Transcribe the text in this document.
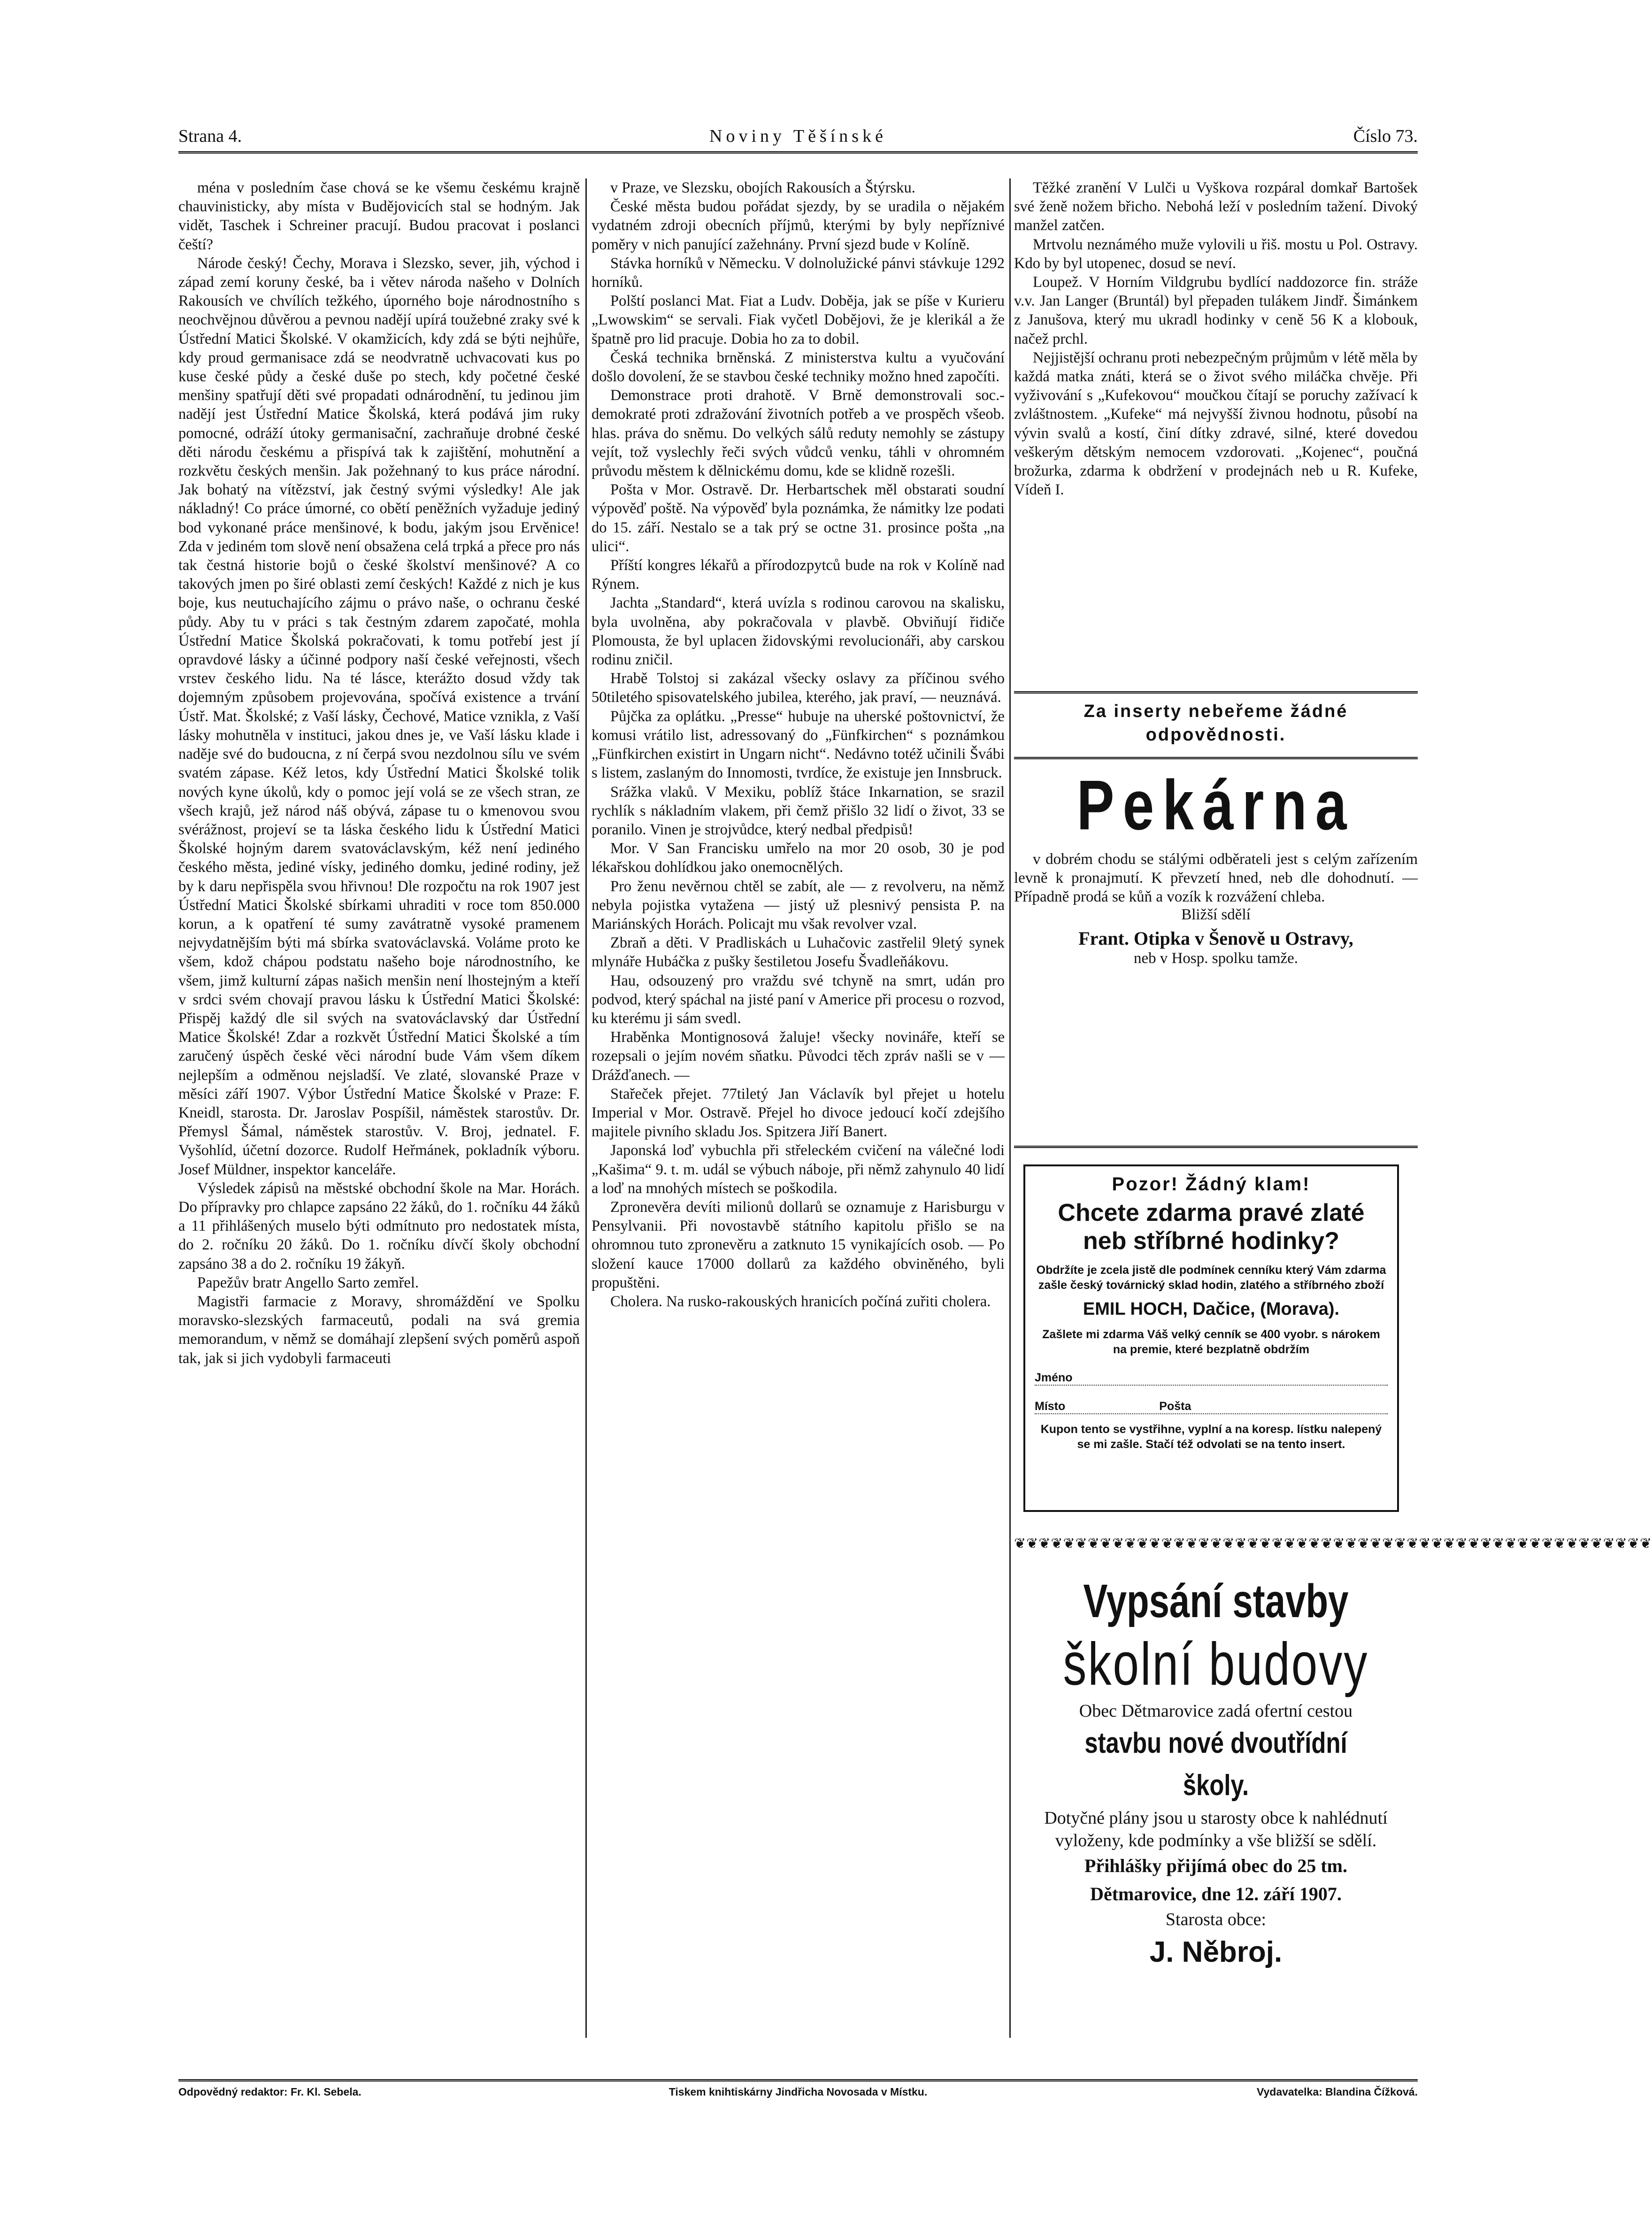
Strana 4.	Noviny Těšínské	Číslo 73.

ména v posledním čase chová se ke všemu českému krajně chauvinisticky, aby místa v Budějovicích stal se hodným. Jak vidět, Taschek i Schreiner pracují. Budou pracovat i poslanci čeští?

Národe český! Čechy, Morava i Slezsko, sever, jih, východ i západ zemí koruny české, ba i větev národa našeho v Dolních Rakousích ve chvílích težkého, úporného boje národnostního s neochvějnou důvěrou a pevnou nadějí upírá toužebné zraky své k Ústřední Matici Školské. V okamžicích, kdy zdá se býti nejhůře, kdy proud germanisace zdá se neodvratně uchvacovati kus po kuse české půdy a české duše po stech, kdy početné české menšiny spatřují děti své propadati odnárodnění, tu jedinou jim nadějí jest Ústřední Matice Školská, která podává jim ruky pomocné, odráží útoky germanisační, zachraňuje drobné české děti národu českému a přispívá tak k zajištění, mohutnění a rozkvětu českých menšin. Jak požehnaný to kus práce národní. Jak bohatý na vítězství, jak čestný svými výsledky! Ale jak nákladný! Co práce úmorné, co obětí peněžních vyžaduje jediný bod vykonané práce menšinové, k bodu, jakým jsou Ervěnice! Zda v jediném tom slově není obsažena celá trpká a přece pro nás tak čestná historie bojů o české školství menšinové? A co takových jmen po širé oblasti zemí českých! Každé z nich je kus boje, kus neutuchajícího zájmu o právo naše, o ochranu české půdy. Aby tu v práci s tak čestným zdarem započaté, mohla Ústřední Matice Školská pokračovati, k tomu potřebí jest jí opravdové lásky a účinné podpory naší české veřejnosti, všech vrstev českého lidu. Na té lásce, kterážto dosud vždy tak dojemným způsobem projevována, spočívá existence a trvání Ústř. Mat. Školské; z Vaší lásky, Čechové, Matice vznikla, z Vaší lásky mohutněla v instituci, jakou dnes je, ve Vaší lásku klade i naděje své do budoucna, z ní čerpá svou nezdolnou sílu ve svém svatém zápase. Kéž letos, kdy Ústřední Matici Školské tolik nových kyne úkolů, kdy o pomoc její volá se ze všech stran, ze všech krajů, jež národ náš obývá, zápase tu o kmenovou svou svérážnost, projeví se ta láska českého lidu k Ústřední Matici Školské hojným darem svatováclavským, kéž není jediného českého města, jediné vísky, jediného domku, jediné rodiny, jež by k daru nepřispěla svou hřivnou! Dle rozpočtu na rok 1907 jest Ústřední Matici Školské sbírkami uhraditi v roce tom 850.000 korun, a k opatření té sumy zavátratně vysoké pramenem nejvydatnějším býti má sbírka svatováclavská. Voláme proto ke všem, kdož chápou podstatu našeho boje národnostního, ke všem, jimž kulturní zápas našich menšin není lhostejným a kteří v srdci svém chovají pravou lásku k Ústřední Matici Školské: Přispěj každý dle sil svých na svatováclavský dar Ústřední Matice Školské! Zdar a rozkvět Ústřední Matici Školské a tím zaručený úspěch české věci národní bude Vám všem díkem nejlepším a odměnou nejsladší. Ve zlaté, slovanské Praze v měsíci září 1907. Výbor Ústřední Matice Školské v Praze: F. Kneidl, starosta. Dr. Jaroslav Pospíšil, náměstek starostův. Dr. Přemysl Šámal, náměstek starostův. V. Broj, jednatel. F. Vyšohlíd, účetní dozorce. Rudolf Heřmánek, pokladník výboru. Josef Müldner, inspektor kanceláře.

Výsledek zápisů na městské obchodní škole na Mar. Horách. Do přípravky pro chlapce zapsáno 22 žáků, do 1. ročníku 44 žáků a 11 přihlášených muselo býti odmítnuto pro nedostatek místa, do 2. ročníku 20 žáků. Do 1. ročníku dívčí školy obchodní zapsáno 38 a do 2. ročníku 19 žákyň.

Papežův bratr Angello Sarto zemřel.

Magistři farmacie z Moravy, shromáždění ve Spolku moravsko-slezských farmaceutů, podali na svá gremia memorandum, v němž se domáhají zlepšení svých poměrů aspoň tak, jak si jich vydobyli farmaceuti

v Praze, ve Slezsku, obojích Rakousích a Štýrsku.

České města budou pořádat sjezdy, by se uradila o nějakém vydatném zdroji obecních příjmů, kterými by byly nepříznivé poměry v nich panující zažehnány. První sjezd bude v Kolíně.

Stávka horníků v Německu. V dolnolužické pánvi stávkuje 1292 horníků.

Polští poslanci Mat. Fiat a Ludv. Doběja, jak se píše v Kurieru „Lwowskim“ se servali. Fiak vyčetl Dobějovi, že je klerikál a že špatně pro lid pracuje. Dobia ho za to dobil.

Česká technika brněnská. Z ministerstva kultu a vyučování došlo dovolení, že se stavbou české techniky možno hned započíti.

Demonstrace proti drahotě. V Brně demonstrovali soc.-demokraté proti zdražování životních potřeb a ve prospěch všeob. hlas. práva do sněmu. Do velkých sálů reduty nemohly se zástupy vejít, tož vyslechly řeči svých vůdců venku, táhli v ohromném průvodu městem k dělnickému domu, kde se klidně rozešli.

Pošta v Mor. Ostravě. Dr. Herbartschek měl obstarati soudní výpověď poště. Na výpověď byla poznámka, že námitky lze podati do 15. září. Nestalo se a tak prý se octne 31. prosince pošta „na ulici“.

Příští kongres lékařů a přírodozpytců bude na rok v Kolíně nad Rýnem.

Jachta „Standard“, která uvízla s rodinou carovou na skalisku, byla uvolněna, aby pokračovala v plavbě. Obviňují řidiče Plomousta, že byl uplacen židovskými revolucionáři, aby carskou rodinu zničil.

Hrabě Tolstoj si zakázal všecky oslavy za příčinou svého 50tiletého spisovatelského jubilea, kterého, jak praví, — neuznává.

Půjčka za oplátku. „Presse“ hubuje na uherské poštovnictví, že komusi vrátilo list, adressovaný do „Fünfkirchen“ s poznámkou „Fünfkirchen existirt in Ungarn nicht“. Nedávno totéž učinili Švábi s listem, zaslaným do Innomosti, tvrdíce, že existuje jen Innsbruck.

Srážka vlaků. V Mexiku, poblíž štáce Inkarnation, se srazil rychlík s nákladním vlakem, při čemž přišlo 32 lidí o život, 33 se poranilo. Vinen je strojvůdce, který nedbal předpisů!

Mor. V San Francisku umřelo na mor 20 osob, 30 je pod lékařskou dohlídkou jako onemocnělých.

Pro ženu nevěrnou chtěl se zabít, ale — z revolveru, na němž nebyla pojistka vytažena — jistý už plesnivý pensista P. na Mariánských Horách. Policajt mu však revolver vzal.

Zbraň a děti. V Pradliskách u Luhačovic zastřelil 9letý synek mlynáře Hubáčka z pušky šestiletou Josefu Švadleňákovu.

Hau, odsouzený pro vraždu své tchyně na smrt, udán pro podvod, který spáchal na jisté paní v Americe při procesu o rozvod, ku kterému ji sám svedl.

Hraběnka Montignosová žaluje! všecky novináře, kteří se rozepsali o jejím novém sňatku. Původci těch zpráv našli se v — Drážďanech. —

Stařeček přejet. 77tiletý Jan Václavík byl přejet u hotelu Imperial v Mor. Ostravě. Přejel ho divoce jedoucí kočí zdejšího majitele pivního skladu Jos. Spitzera Jiří Banert.

Japonská loď vybuchla při střeleckém cvičení na válečné lodi „Kašima“ 9. t. m. udál se výbuch náboje, při němž zahynulo 40 lidí a loď na mnohých místech se poškodila.

Zpronevěra devíti milionů dollarů se oznamuje z Harisburgu v Pensylvanii. Při novostavbě státního kapitolu přišlo se na ohromnou tuto zpronevěru a zatknuto 15 vynikajících osob. — Po složení kauce 17000 dollarů za každého obviněného, byli propuštěni.

Cholera. Na rusko-rakouských hranicích počíná zuřiti cholera.

Těžké zranění V Lulči u Vyškova rozpáral domkař Bartošek své ženě nožem břicho. Nebohá leží v posledním tažení. Divoký manžel zatčen.

Mrtvolu neznámého muže vylovili u řiš. mostu u Pol. Ostravy. Kdo by byl utopenec, dosud se neví.

Loupež. V Horním Vildgrubu bydlící naddozorce fin. stráže v.v. Jan Langer (Bruntál) byl přepaden tulákem Jindř. Šimánkem z Janušova, který mu ukradl hodinky v ceně 56 K a klobouk, načež prchl.

Nejjistější ochranu proti nebezpečným průjmům v létě měla by každá matka znáti, která se o život svého miláčka chvěje. Při vyživování s „Kufekovou“ moučkou čítají se poruchy zažívací k zvláštnostem. „Kufeke“ má nejvyšší živnou hodnotu, působí na vývin svalů a kostí, činí dítky zdravé, silné, které dovedou veškerým dětským nemocem vzdorovati. „Kojenec“, poučná brožurka, zdarma k obdržení v prodejnách neb u R. Kufeke, Vídeň I.

Za inserty nebeřeme žádné odpovědnosti.
Pekárna

v dobrém chodu se stálými odběrateli jest s celým zařízením levně k pronajmutí. K převzetí hned, neb dle dohodnutí. — Případně prodá se kůň a vozík k rozvážení chleba.

Bližší sdělí
Frant. Otipka v Šenově u Ostravy,
neb v Hosp. spolku tamže.
Pozor! Žádný klam!
Chcete zdarma pravé zlaté neb stříbrné hodinky?
Obdržíte je zcela jistě dle podmínek cenníku který Vám zdarma zašle český továrnický sklad hodin, zlatého a stříbrného zboží
EMIL HOCH, Dačice, (Morava).
Zašlete mi zdarma Váš velký cenník se 400 vyobr. s nárokem na premie, které bezplatně obdržím
Jméno
Místo	Pošta
Kupon tento se vystřihne, vyplní a na koresp. lístku nalepený se mi zašle. Stačí též odvolati se na tento insert.
❦❦❦❦❦❦❦❦❦❦❦❦❦❦❦❦❦❦❦❦❦❦❦❦❦❦❦❦❦❦❦❦❦❦❦❦❦❦❦❦❦❦❦❦❦❦❦❦❦❦❦❦
Vypsání stavby
školní budovy
Obec Dětmarovice zadá ofertní cestou
stavbu nové dvoutřídní školy.
Dotyčné plány jsou u starosty obce k nahlédnutí vyloženy, kde podmínky a vše bližší se sdělí.
Přihlášky přijímá obec do 25 tm.
Dětmarovice, dne 12. září 1907.
Starosta obce:
J. Něbroj.
Odpovědný redaktor: Fr. Kl. Sebela.	Tiskem knihtiskárny Jindřicha Novosada v Místku.	Vydavatelka: Blandina Čížková.
